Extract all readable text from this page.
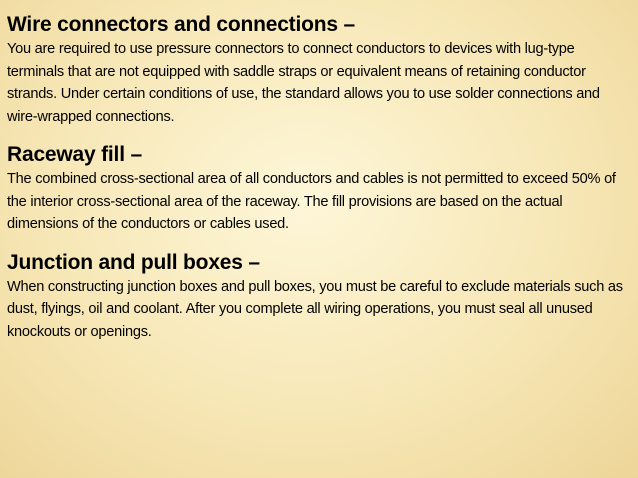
Wire connectors and connections –

You are required to use pressure connectors to connect conductors to devices with lug-type terminals that are not equipped with saddle straps or equivalent means of retaining conductor strands. Under certain conditions of use, the standard allows you to use solder connections and wire-wrapped connections.

Raceway fill –

The combined cross-sectional area of all conductors and cables is not permitted to exceed 50% of the interior cross-sectional area of the raceway. The fill provisions are based on the actual dimensions of the conductors or cables used.

Junction and pull boxes –

When constructing junction boxes and pull boxes, you must be careful to exclude materials such as dust, flyings, oil and coolant. After you complete all wiring operations, you must seal all unused knockouts or openings.
